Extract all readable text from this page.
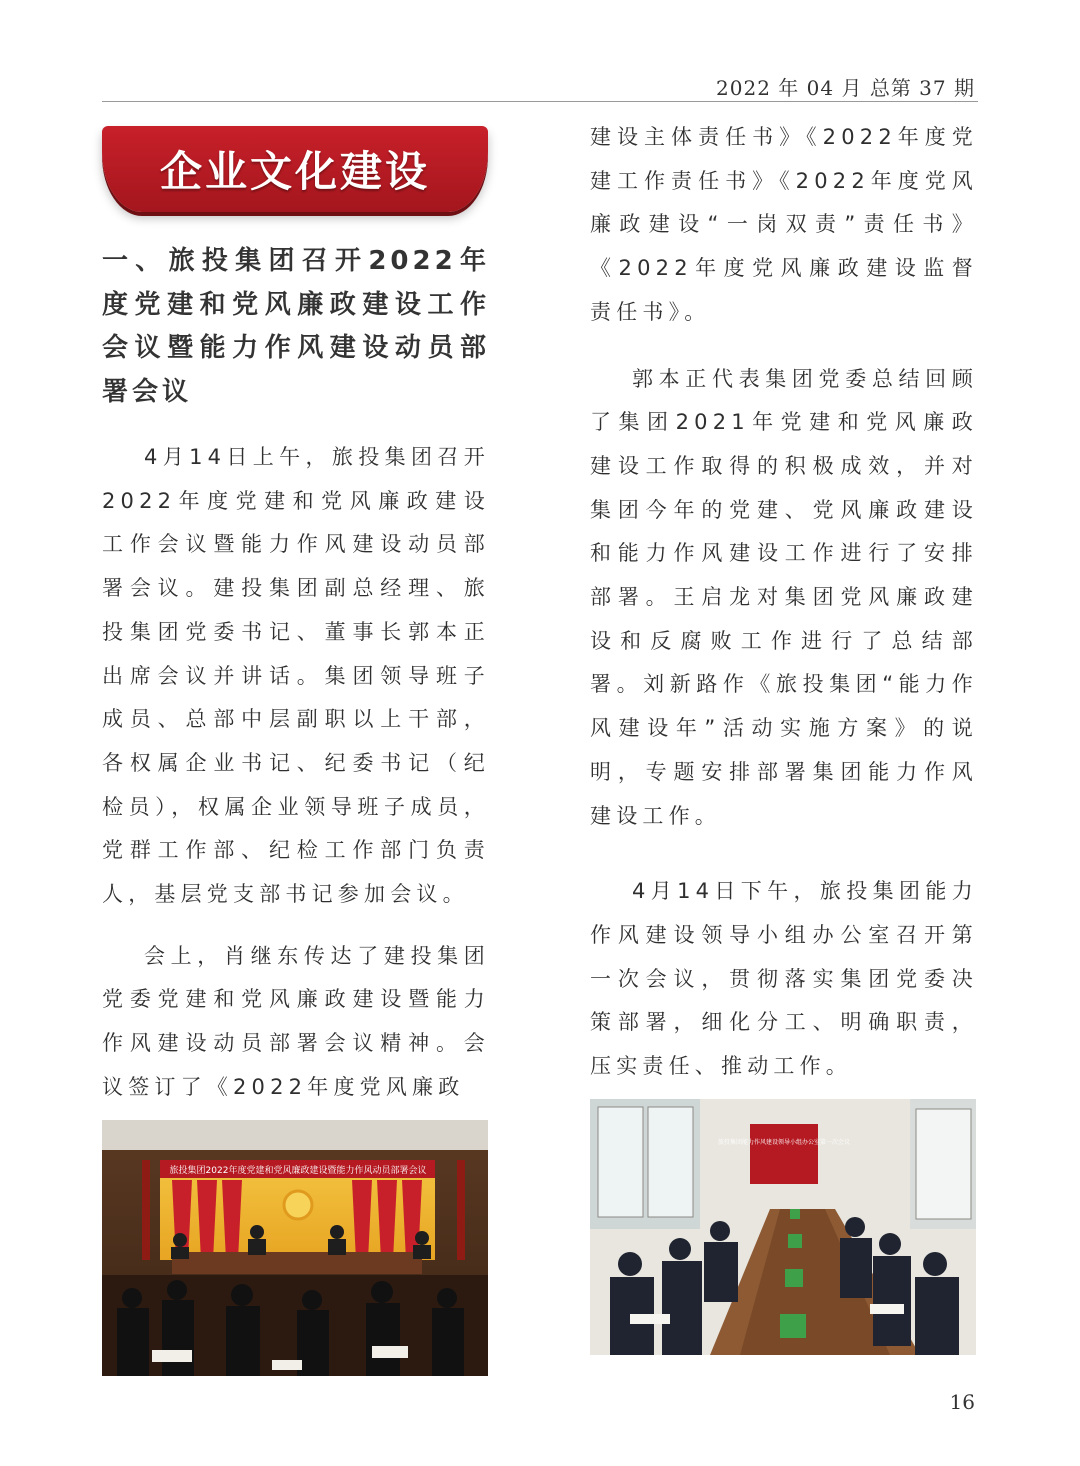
2022 年 04 月 总第 37 期
企业文化建设
一、旅投集团召开2022年度党建和党风廉政建设工作会议暨能力作风建设动员部署会议

4月14日上午，旅投集团召开2022年度党建和党风廉政建设工作会议暨能力作风建设动员部署会议。建投集团副总经理、旅投集团党委书记、董事长郭本正出席会议并讲话。集团领导班子成员、总部中层副职以上干部，各权属企业书记、纪委书记（纪检员），权属企业领导班子成员，党群工作部、纪检工作部门负责人，基层党支部书记参加会议。

会上，肖继东传达了建投集团党委党建和党风廉政建设暨能力作风建设动员部署会议精神。会议签订了《2022年度党风廉政

旅投集团2022年度党建和党风廉政建设暨能力作风动员部署会议

建设主体责任书》《2022年度党建工作责任书》《2022年度党风廉政建设“一岗双责”责任书》《2022年度党风廉政建设监督责任书》。

郭本正代表集团党委总结回顾了集团2021年党建和党风廉政建设工作取得的积极成效，并对集团今年的党建、党风廉政建设和能力作风建设工作进行了安排部署。王启龙对集团党风廉政建设和反腐败工作进行了总结部署。刘新路作《旅投集团“能力作风建设年”活动实施方案》的说明，专题安排部署集团能力作风建设工作。

4月14日下午，旅投集团能力作风建设领导小组办公室召开第一次会议，贯彻落实集团党委决策部署，细化分工、明确职责，压实责任、推动工作。

旅投集团能力作风建设领导小组办公室第一次会议
16
